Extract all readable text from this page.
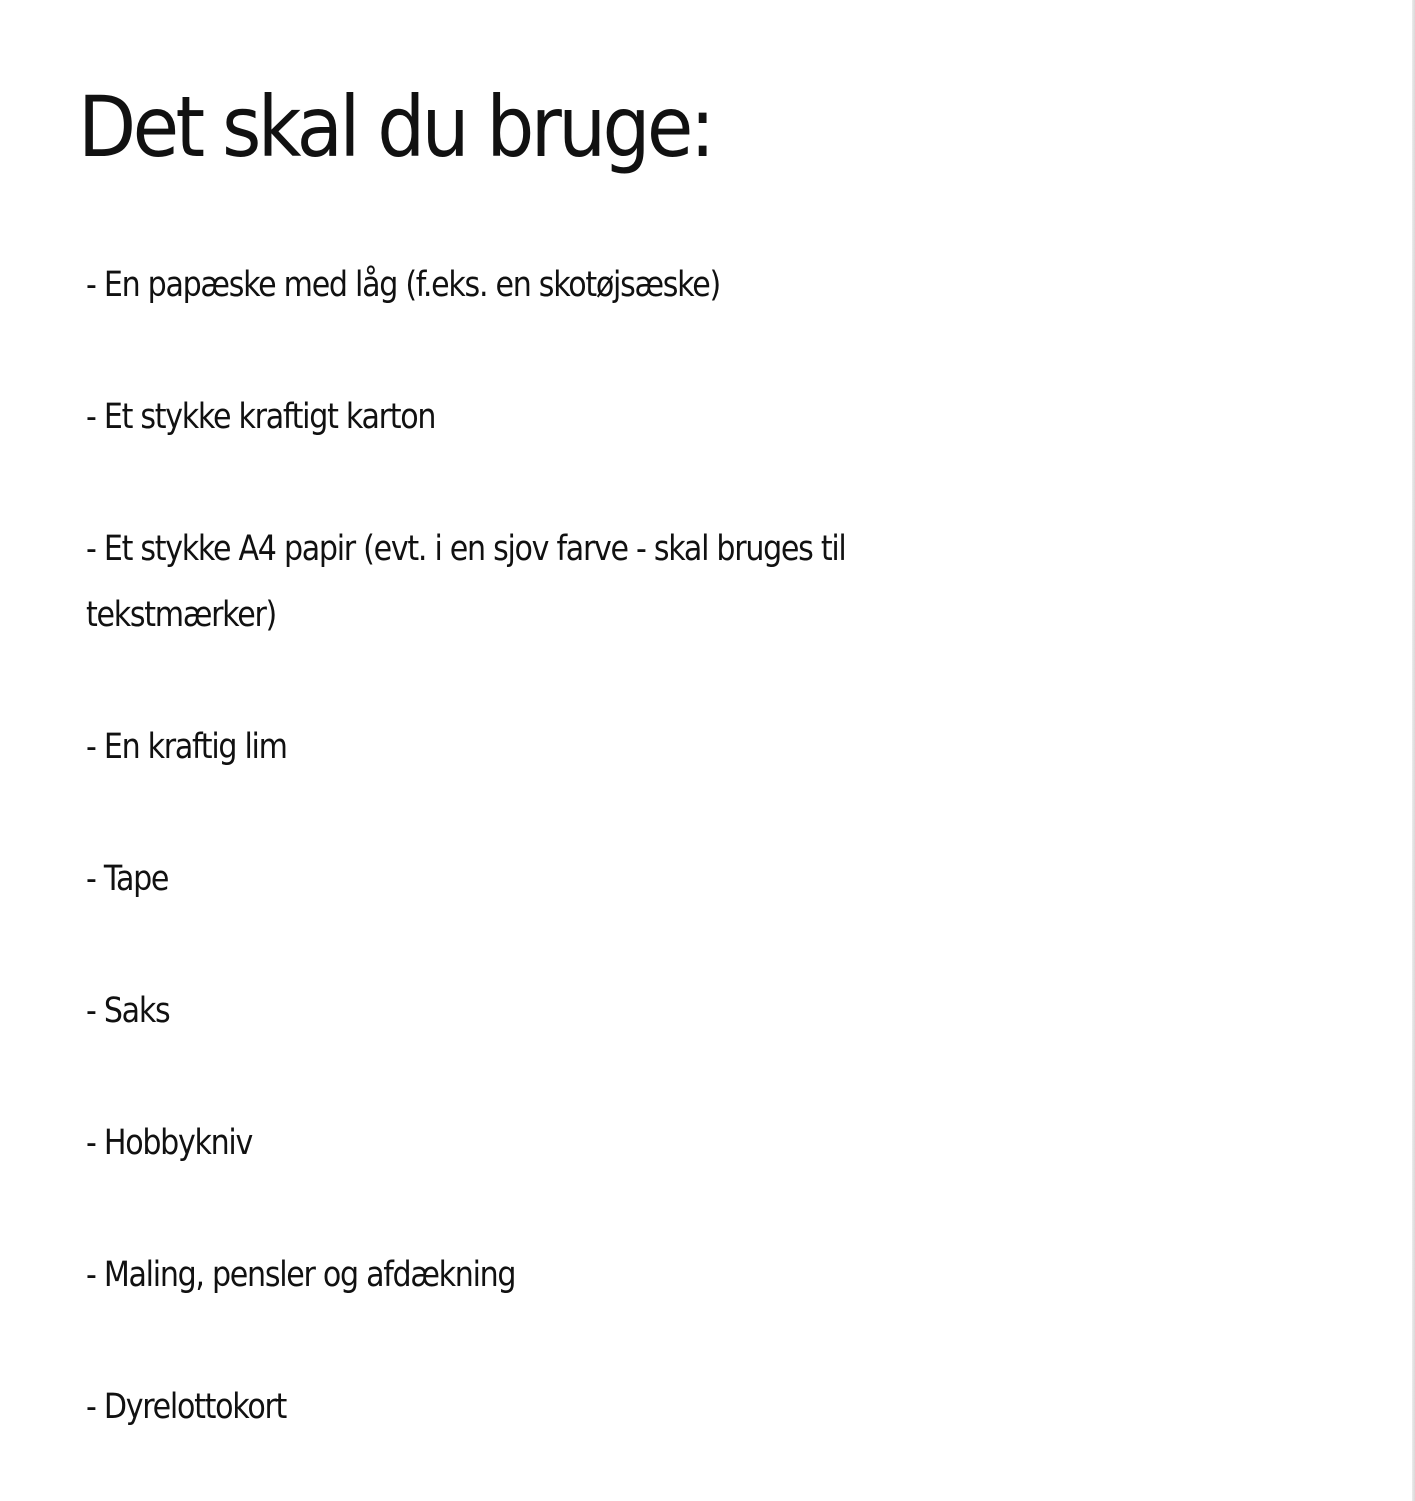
Det skal du bruge:
- En papæske med låg (f.eks. en skotøjsæske)
- Et stykke kraftigt karton
- Et stykke A4 papir (evt. i en sjov farve - skal bruges til
tekstmærker)
- En kraftig lim
- Tape
- Saks
- Hobbykniv
- Maling, pensler og afdækning
- Dyrelottokort
